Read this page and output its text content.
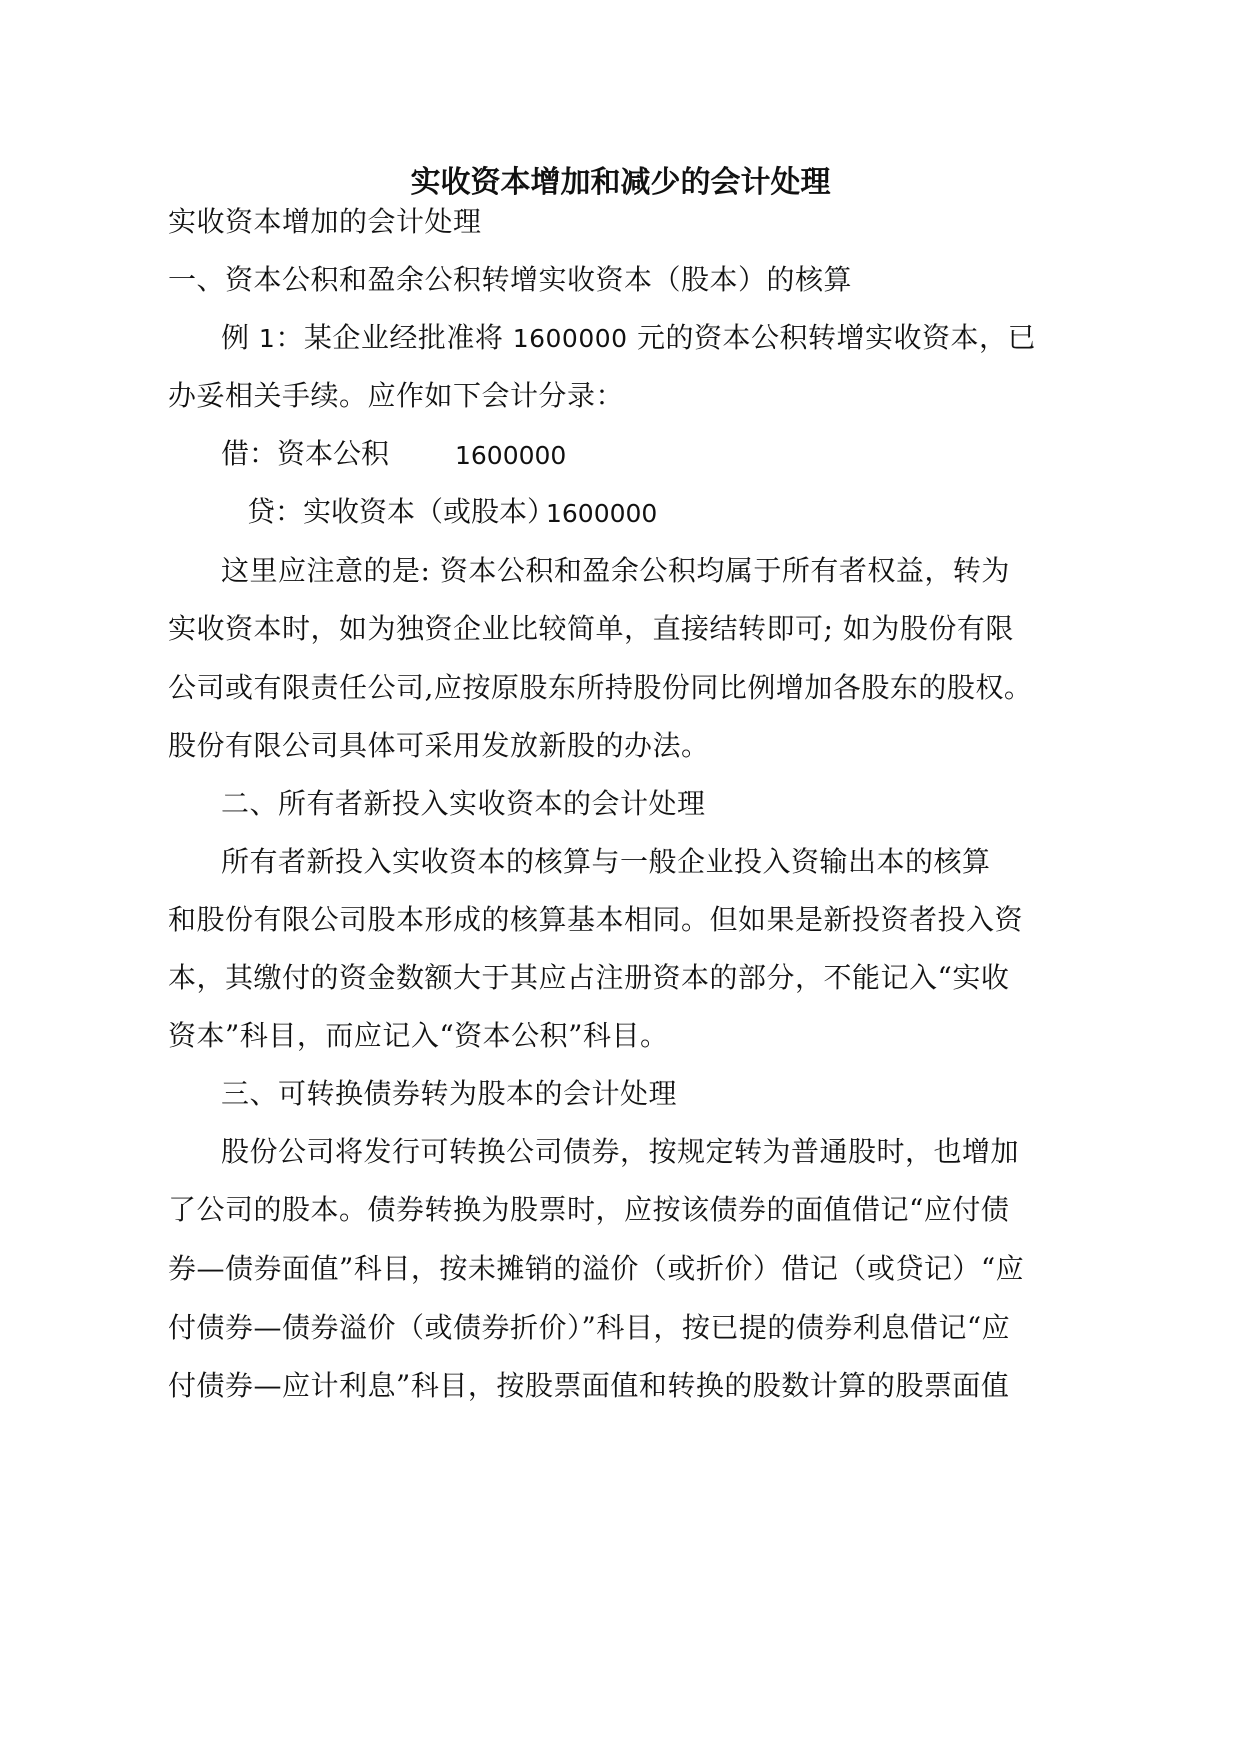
实收资本增加和减少的会计处理
实收资本增加的会计处理
一、资本公积和盈余公积转增实收资本（股本）的核算
例 1：某企业经批准将 1600000 元的资本公积转增实收资本，已
办妥相关手续。应作如下会计分录：
借：资本公积	1600000
贷：实收资本（或股本）
1600000
这里应注意的是: 资本公积和盈余公积均属于所有者权益，转为
实收资本时，如为独资企业比较简单，直接结转即可; 如为股份有限
公司或有限责任公司,应按原股东所持股份同比例增加各股东的股权。
股份有限公司具体可采用发放新股的办法。
二、所有者新投入实收资本的会计处理
所有者新投入实收资本的核算与一般企业投入资输出本的核算
和股份有限公司股本形成的核算基本相同。但如果是新投资者投入资
本，其缴付的资金数额大于其应占注册资本的部分，不能记入“实收
资本”科目，而应记入“资本公积”科目。
三、可转换债券转为股本的会计处理
股份公司将发行可转换公司债券，按规定转为普通股时，也增加
了公司的股本。债券转换为股票时，应按该债券的面值借记“应付债
券—债券面值”科目，按未摊销的溢价（或折价）借记（或贷记）“应
付债券—债券溢价（或债券折价）”科目，按已提的债券利息借记“应
付债券—应计利息”科目，按股票面值和转换的股数计算的股票面值
